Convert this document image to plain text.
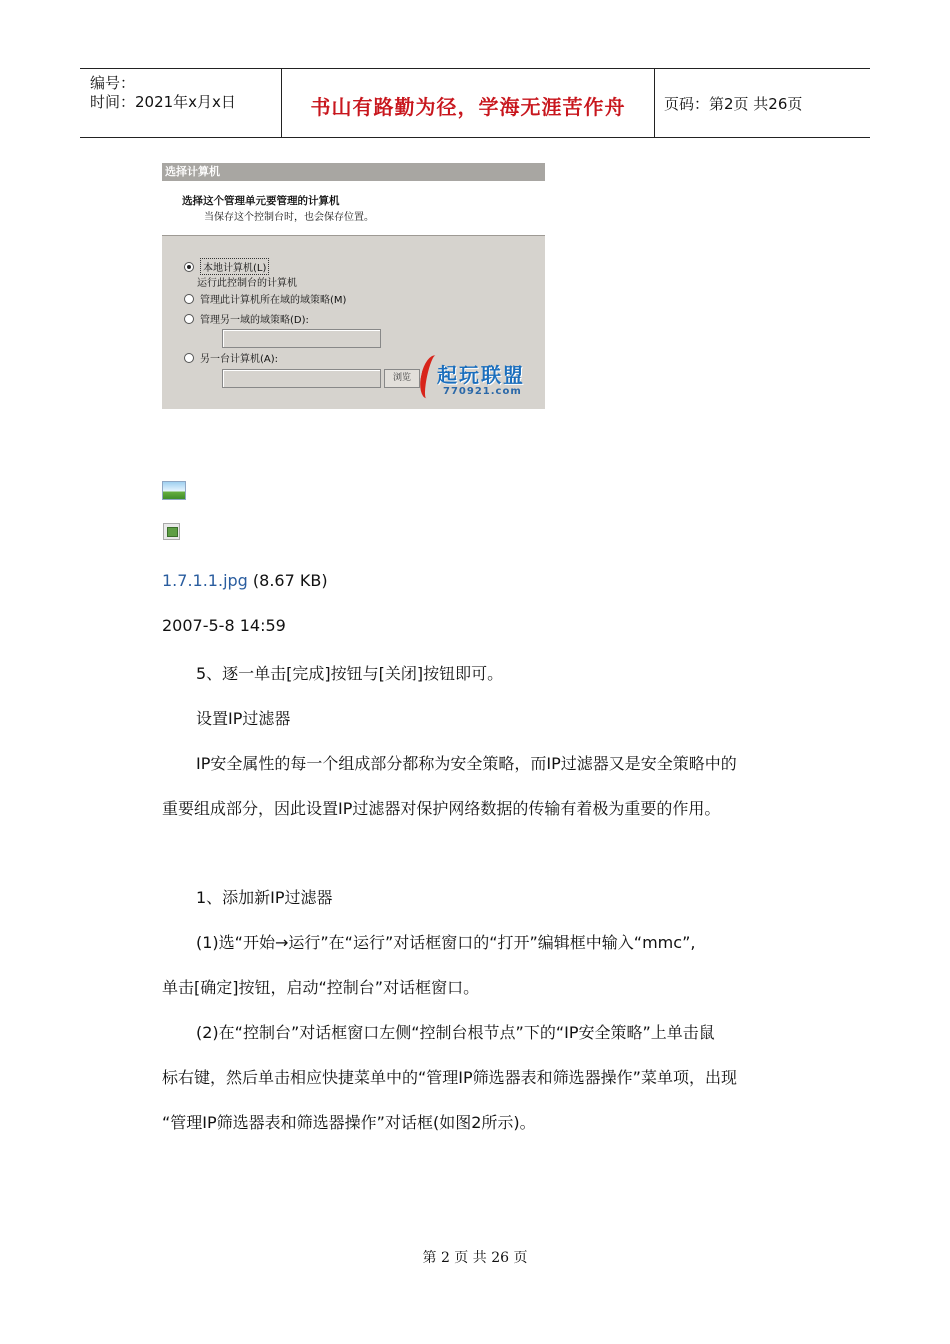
编号：
时间：2021年x月x日	书山有路勤为径，学海无涯苦作舟	页码：第2页 共26页
选择计算机
选择这个管理单元要管理的计算机
当保存这个控制台时，也会保存位置。
本地计算机(L)
运行此控制台的计算机
管理此计算机所在域的域策略(M)
管理另一域的域策略(D):
另一台计算机(A):
浏览	起玩联盟
770921.com
1.7.1.1.jpg (8.67 KB)
2007-5-8 14:59
5、逐一单击[完成]按钮与[关闭]按钮即可。
设置IP过滤器
IP安全属性的每一个组成部分都称为安全策略，而IP过滤器又是安全策略中的
重要组成部分，因此设置IP过滤器对保护网络数据的传输有着极为重要的作用。
1、添加新IP过滤器
(1)选“开始→运行”在“运行”对话框窗口的“打开”编辑框中输入“mmc”,
单击[确定]按钮，启动“控制台”对话框窗口。
(2)在“控制台”对话框窗口左侧“控制台根节点”下的“IP安全策略”上单击鼠
标右键，然后单击相应快捷菜单中的“管理IP筛选器表和筛选器操作”菜单项，出现
“管理IP筛选器表和筛选器操作”对话框(如图2所示)。
第 2 页 共 26 页
